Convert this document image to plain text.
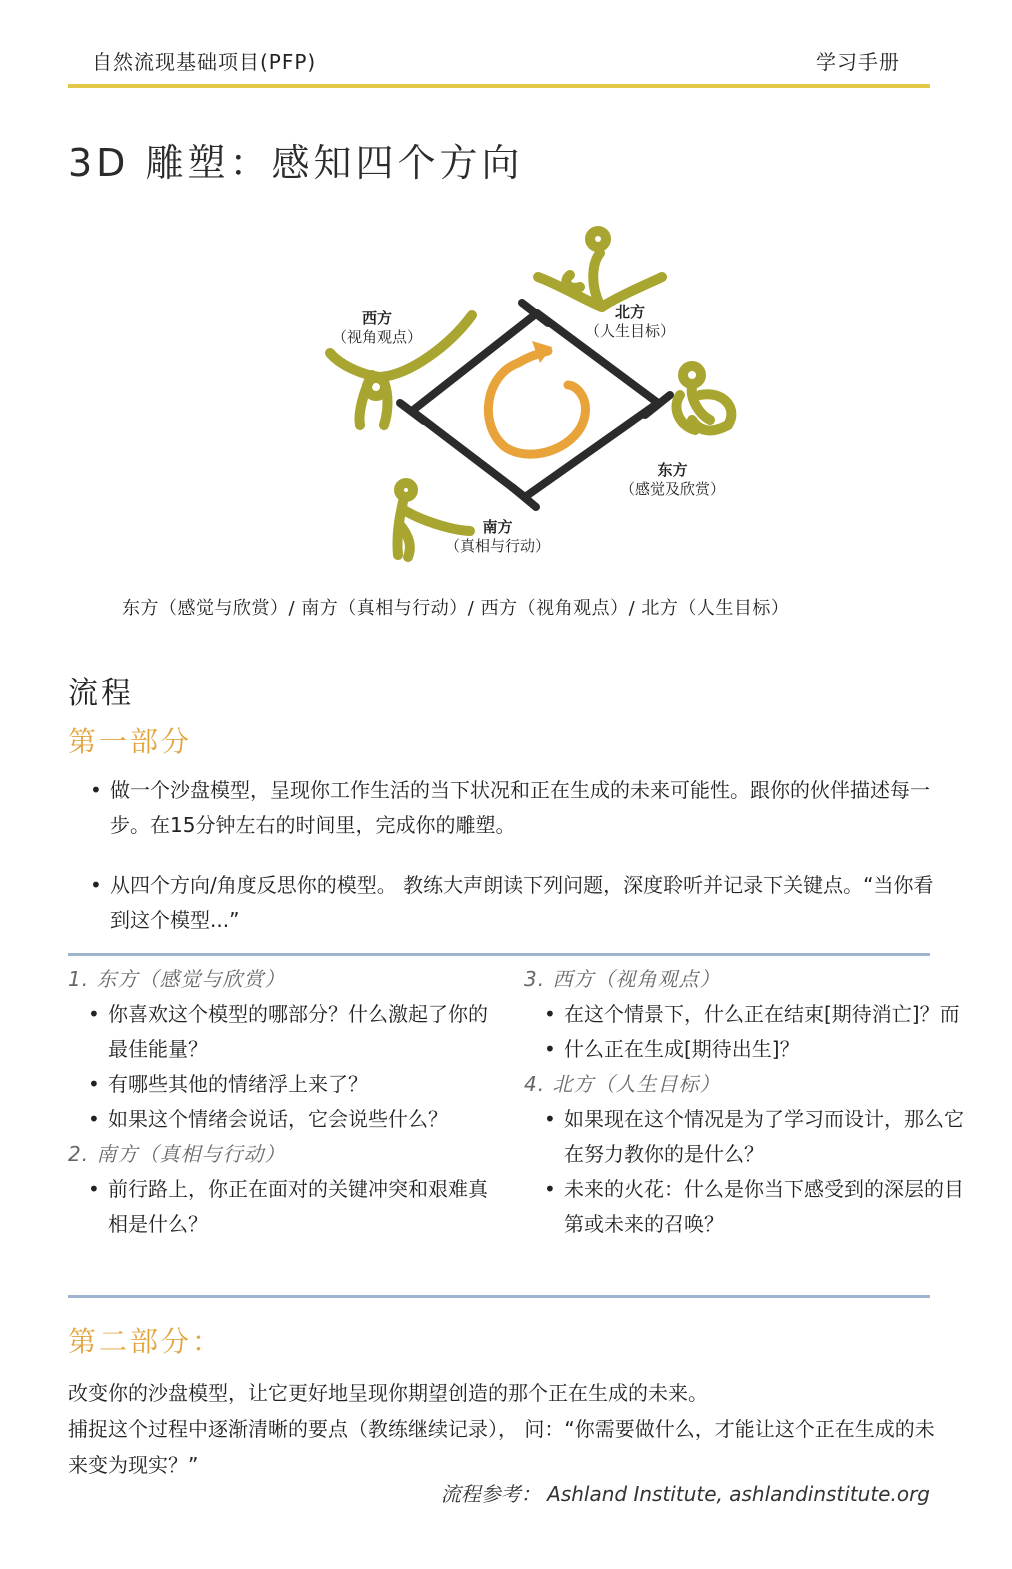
自然流现基础项目(PFP)	学习手册
3D 雕塑：感知四个方向
西方
（视角观点）
北方
（人生目标）
东方
（感觉及欣赏）
南方
（真相与行动）
东方（感觉与欣赏）/ 南方（真相与行动）/ 西方（视角观点）/ 北方（人生目标）
流程
第一部分
• 做一个沙盘模型，呈现你工作生活的当下状况和正在生成的未来可能性。跟你的伙伴描述每一步。在15分钟左右的时间里，完成你的雕塑。
• 从四个方向/角度反思你的模型。 教练大声朗读下列问题，深度聆听并记录下关键点。“当你看到这个模型...”
1. 东方（感觉与欣赏）
• 你喜欢这个模型的哪部分？什么激起了你的最佳能量？
• 有哪些其他的情绪浮上来了？
• 如果这个情绪会说话，它会说些什么？
2. 南方（真相与行动）
• 前行路上，你正在面对的关键冲突和艰难真相是什么？
3. 西方（视角观点）
• 在这个情景下，什么正在结束[期待消亡]？而
• 什么正在生成[期待出生]？
4. 北方（人生目标）
• 如果现在这个情况是为了学习而设计，那么它在努力教你的是什么？
• 未来的火花：什么是你当下感受到的深层的目第或未来的召唤？
第二部分：
改变你的沙盘模型，让它更好地呈现你期望创造的那个正在生成的未来。
捕捉这个过程中逐渐清晰的要点（教练继续记录）， 问：“你需要做什么，才能让这个正在生成的未来变为现实？”
流程参考： Ashland Institute, ashlandinstitute.org
